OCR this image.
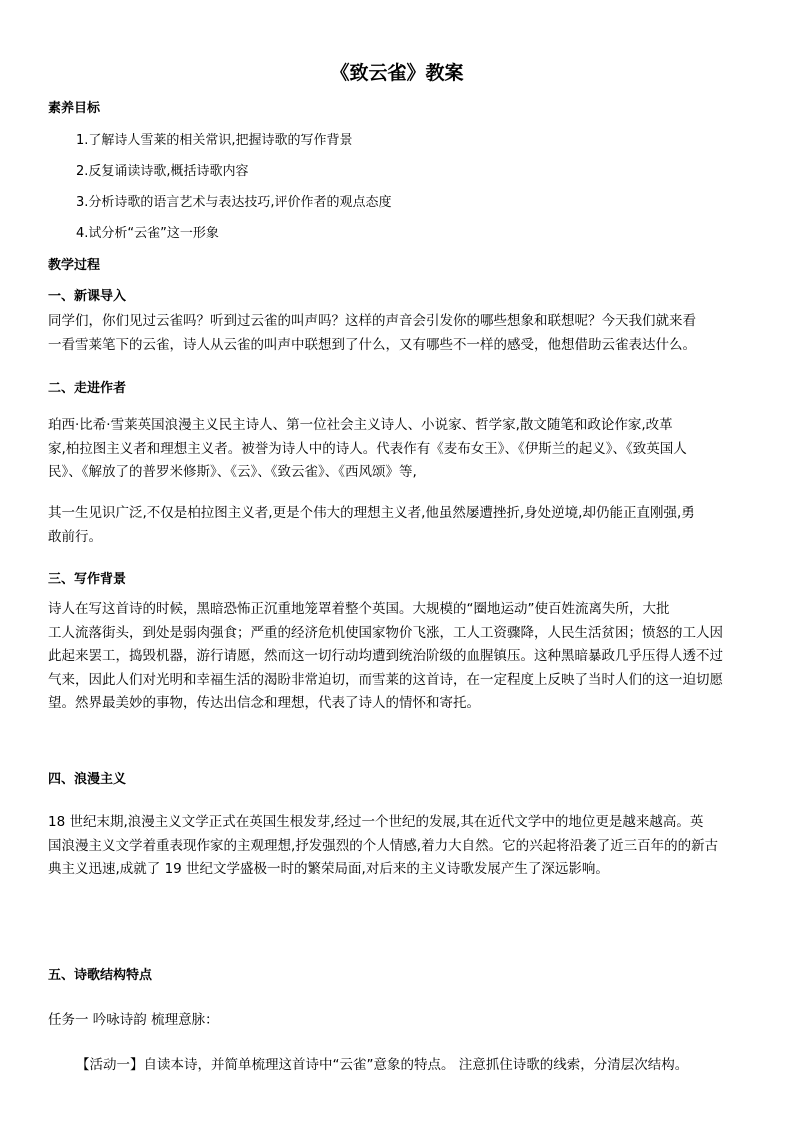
《致云雀》教案
素养目标
1.了解诗人雪莱的相关常识,把握诗歌的写作背景
2.反复诵读诗歌,概括诗歌内容
3.分析诗歌的语言艺术与表达技巧,评价作者的观点态度
4.试分析“云雀”这一形象
教学过程
一、新课导入
同学们，你们见过云雀吗？听到过云雀的叫声吗？这样的声音会引发你的哪些想象和联想呢？今天我们就来看
一看雪莱笔下的云雀，诗人从云雀的叫声中联想到了什么，又有哪些不一样的感受，他想借助云雀表达什么。
二、走进作者
珀西·比希·雪莱英国浪漫主义民主诗人、第一位社会主义诗人、小说家、哲学家,散文随笔和政论作家,改革
家,柏拉图主义者和理想主义者。被誉为诗人中的诗人。代表作有《麦布女王》、《伊斯兰的起义》、《致英国人
民》、《解放了的普罗米修斯》、《云》、《致云雀》、《西风颂》等,
其一生见识广泛,不仅是柏拉图主义者,更是个伟大的理想主义者,他虽然屡遭挫折,身处逆境,却仍能正直刚强,勇
敢前行。
三、写作背景
诗人在写这首诗的时候，黑暗恐怖正沉重地笼罩着整个英国。大规模的“圈地运动”使百姓流离失所，大批
工人流落街头，到处是弱肉强食；严重的经济危机使国家物价飞涨，工人工资骤降，人民生活贫困；愤怒的工人因
此起来罢工，捣毁机器，游行请愿，然而这一切行动均遭到统治阶级的血腥镇压。这种黑暗暴政几乎压得人透不过
气来，因此人们对光明和幸福生活的渴盼非常迫切，而雪莱的这首诗，在一定程度上反映了当时人们的这一迫切愿
望。然界最美妙的事物，传达出信念和理想，代表了诗人的情怀和寄托。
四、浪漫主义
18 世纪末期,浪漫主义文学正式在英国生根发芽,经过一个世纪的发展,其在近代文学中的地位更是越来越高。英
国浪漫主义文学着重表现作家的主观理想,抒发强烈的个人情感,着力大自然。它的兴起将沿袭了近三百年的的新古
典主义迅速,成就了 19 世纪文学盛极一时的繁荣局面,对后来的主义诗歌发展产生了深远影响。
五、诗歌结构特点
任务一 吟咏诗韵 梳理意脉：
【活动一】自读本诗，并简单梳理这首诗中“云雀”意象的特点。 注意抓住诗歌的线索，分清层次结构。
